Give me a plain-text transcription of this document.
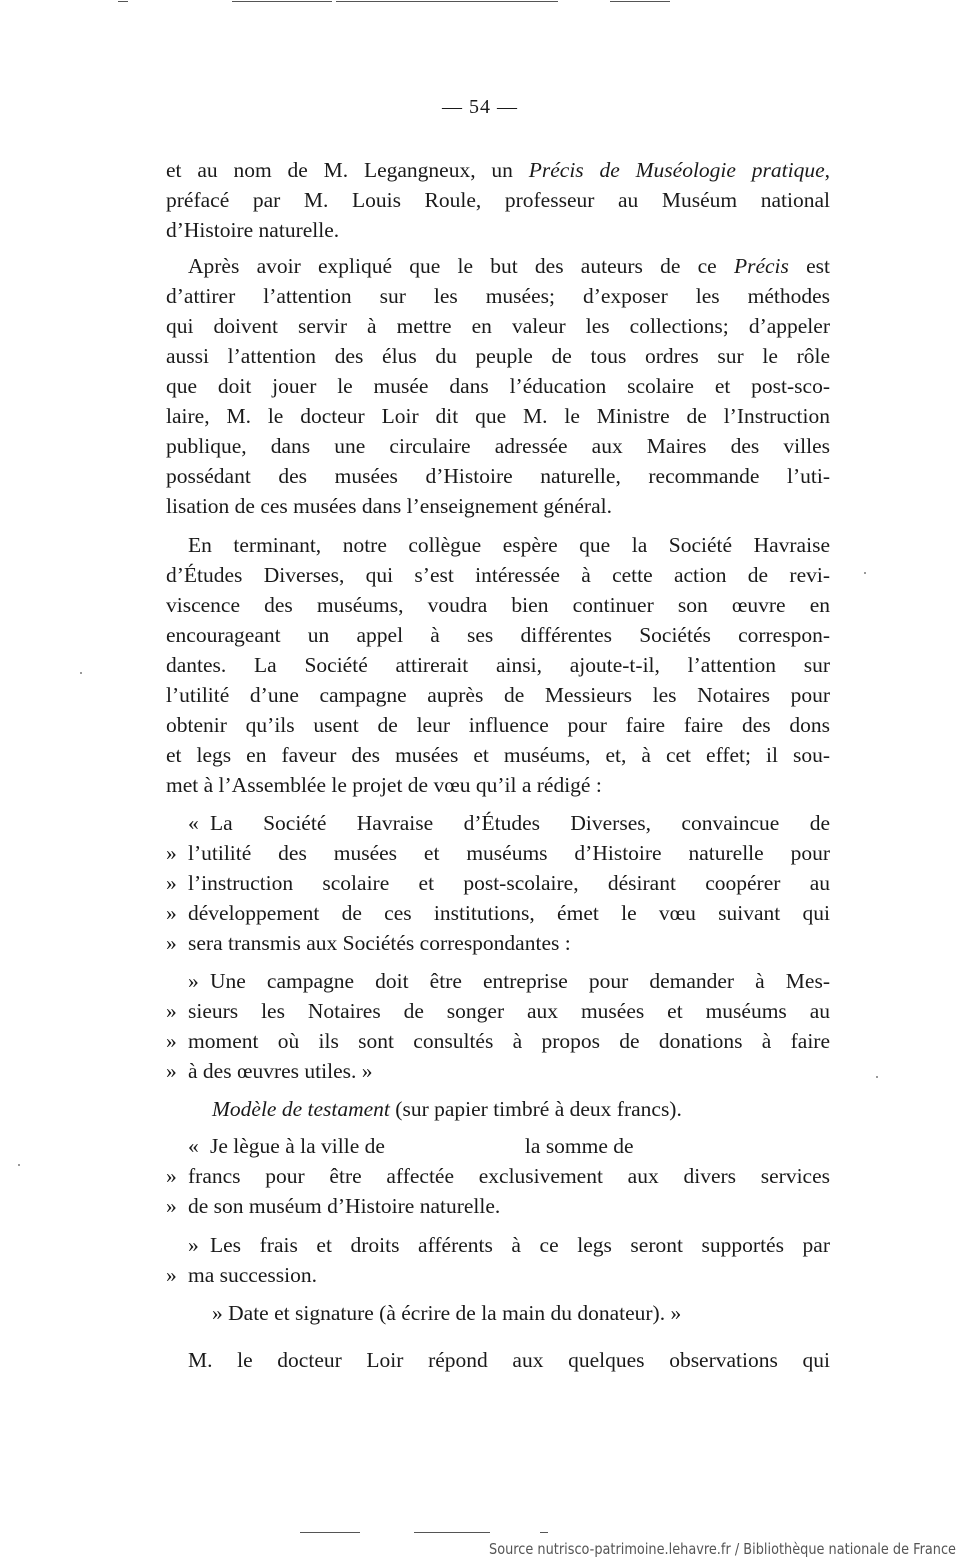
— 54 —
et au nom de M. Legangneux, un Précis de Muséologie pratique,
préfacé par M. Louis Roule, professeur au Muséum national
d’Histoire naturelle.
Après avoir expliqué que le but des auteurs de ce Précis est
d’attirer l’attention sur les musées; d’exposer les méthodes
qui doivent servir à mettre en valeur les collections; d’appeler
aussi l’attention des élus du peuple de tous ordres sur le rôle
que doit jouer le musée dans l’éducation scolaire et post-sco-
laire, M. le docteur Loir dit que M. le Ministre de l’Instruction
publique, dans une circulaire adressée aux Maires des villes
possédant des musées d’Histoire naturelle, recommande l’uti-
lisation de ces musées dans l’enseignement général.
En terminant, notre collègue espère que la Société Havraise
d’Études Diverses, qui s’est intéressée à cette action de revi-
viscence des muséums, voudra bien continuer son œuvre en
encourageant un appel à ses différentes Sociétés correspon-
dantes. La Société attirerait ainsi, ajoute-t-il, l’attention sur
l’utilité d’une campagne auprès de Messieurs les Notaires pour
obtenir qu’ils usent de leur influence pour faire faire des dons
et legs en faveur des musées et muséums, et, à cet effet; il sou-
met à l’Assemblée le projet de vœu qu’il a rédigé :
« La Société Havraise d’Études Diverses, convaincue de
» l’utilité des musées et muséums d’Histoire naturelle pour
» l’instruction scolaire et post-scolaire, désirant coopérer au
» développement de ces institutions, émet le vœu suivant qui
» sera transmis aux Sociétés correspondantes :
» Une campagne doit être entreprise pour demander à Mes-
» sieurs les Notaires de songer aux musées et muséums au
» moment où ils sont consultés à propos de donations à faire
» à des œuvres utiles. »
Modèle de testament (sur papier timbré à deux francs).
« Je lègue à la ville de	la somme de
» francs pour être affectée exclusivement aux divers services
» de son muséum d’Histoire naturelle.
» Les frais et droits afférents à ce legs seront supportés par
» ma succession.
» Date et signature (à écrire de la main du donateur). »
M. le docteur Loir répond aux quelques observations qui
Source nutrisco-patrimoine.lehavre.fr / Bibliothèque nationale de France
